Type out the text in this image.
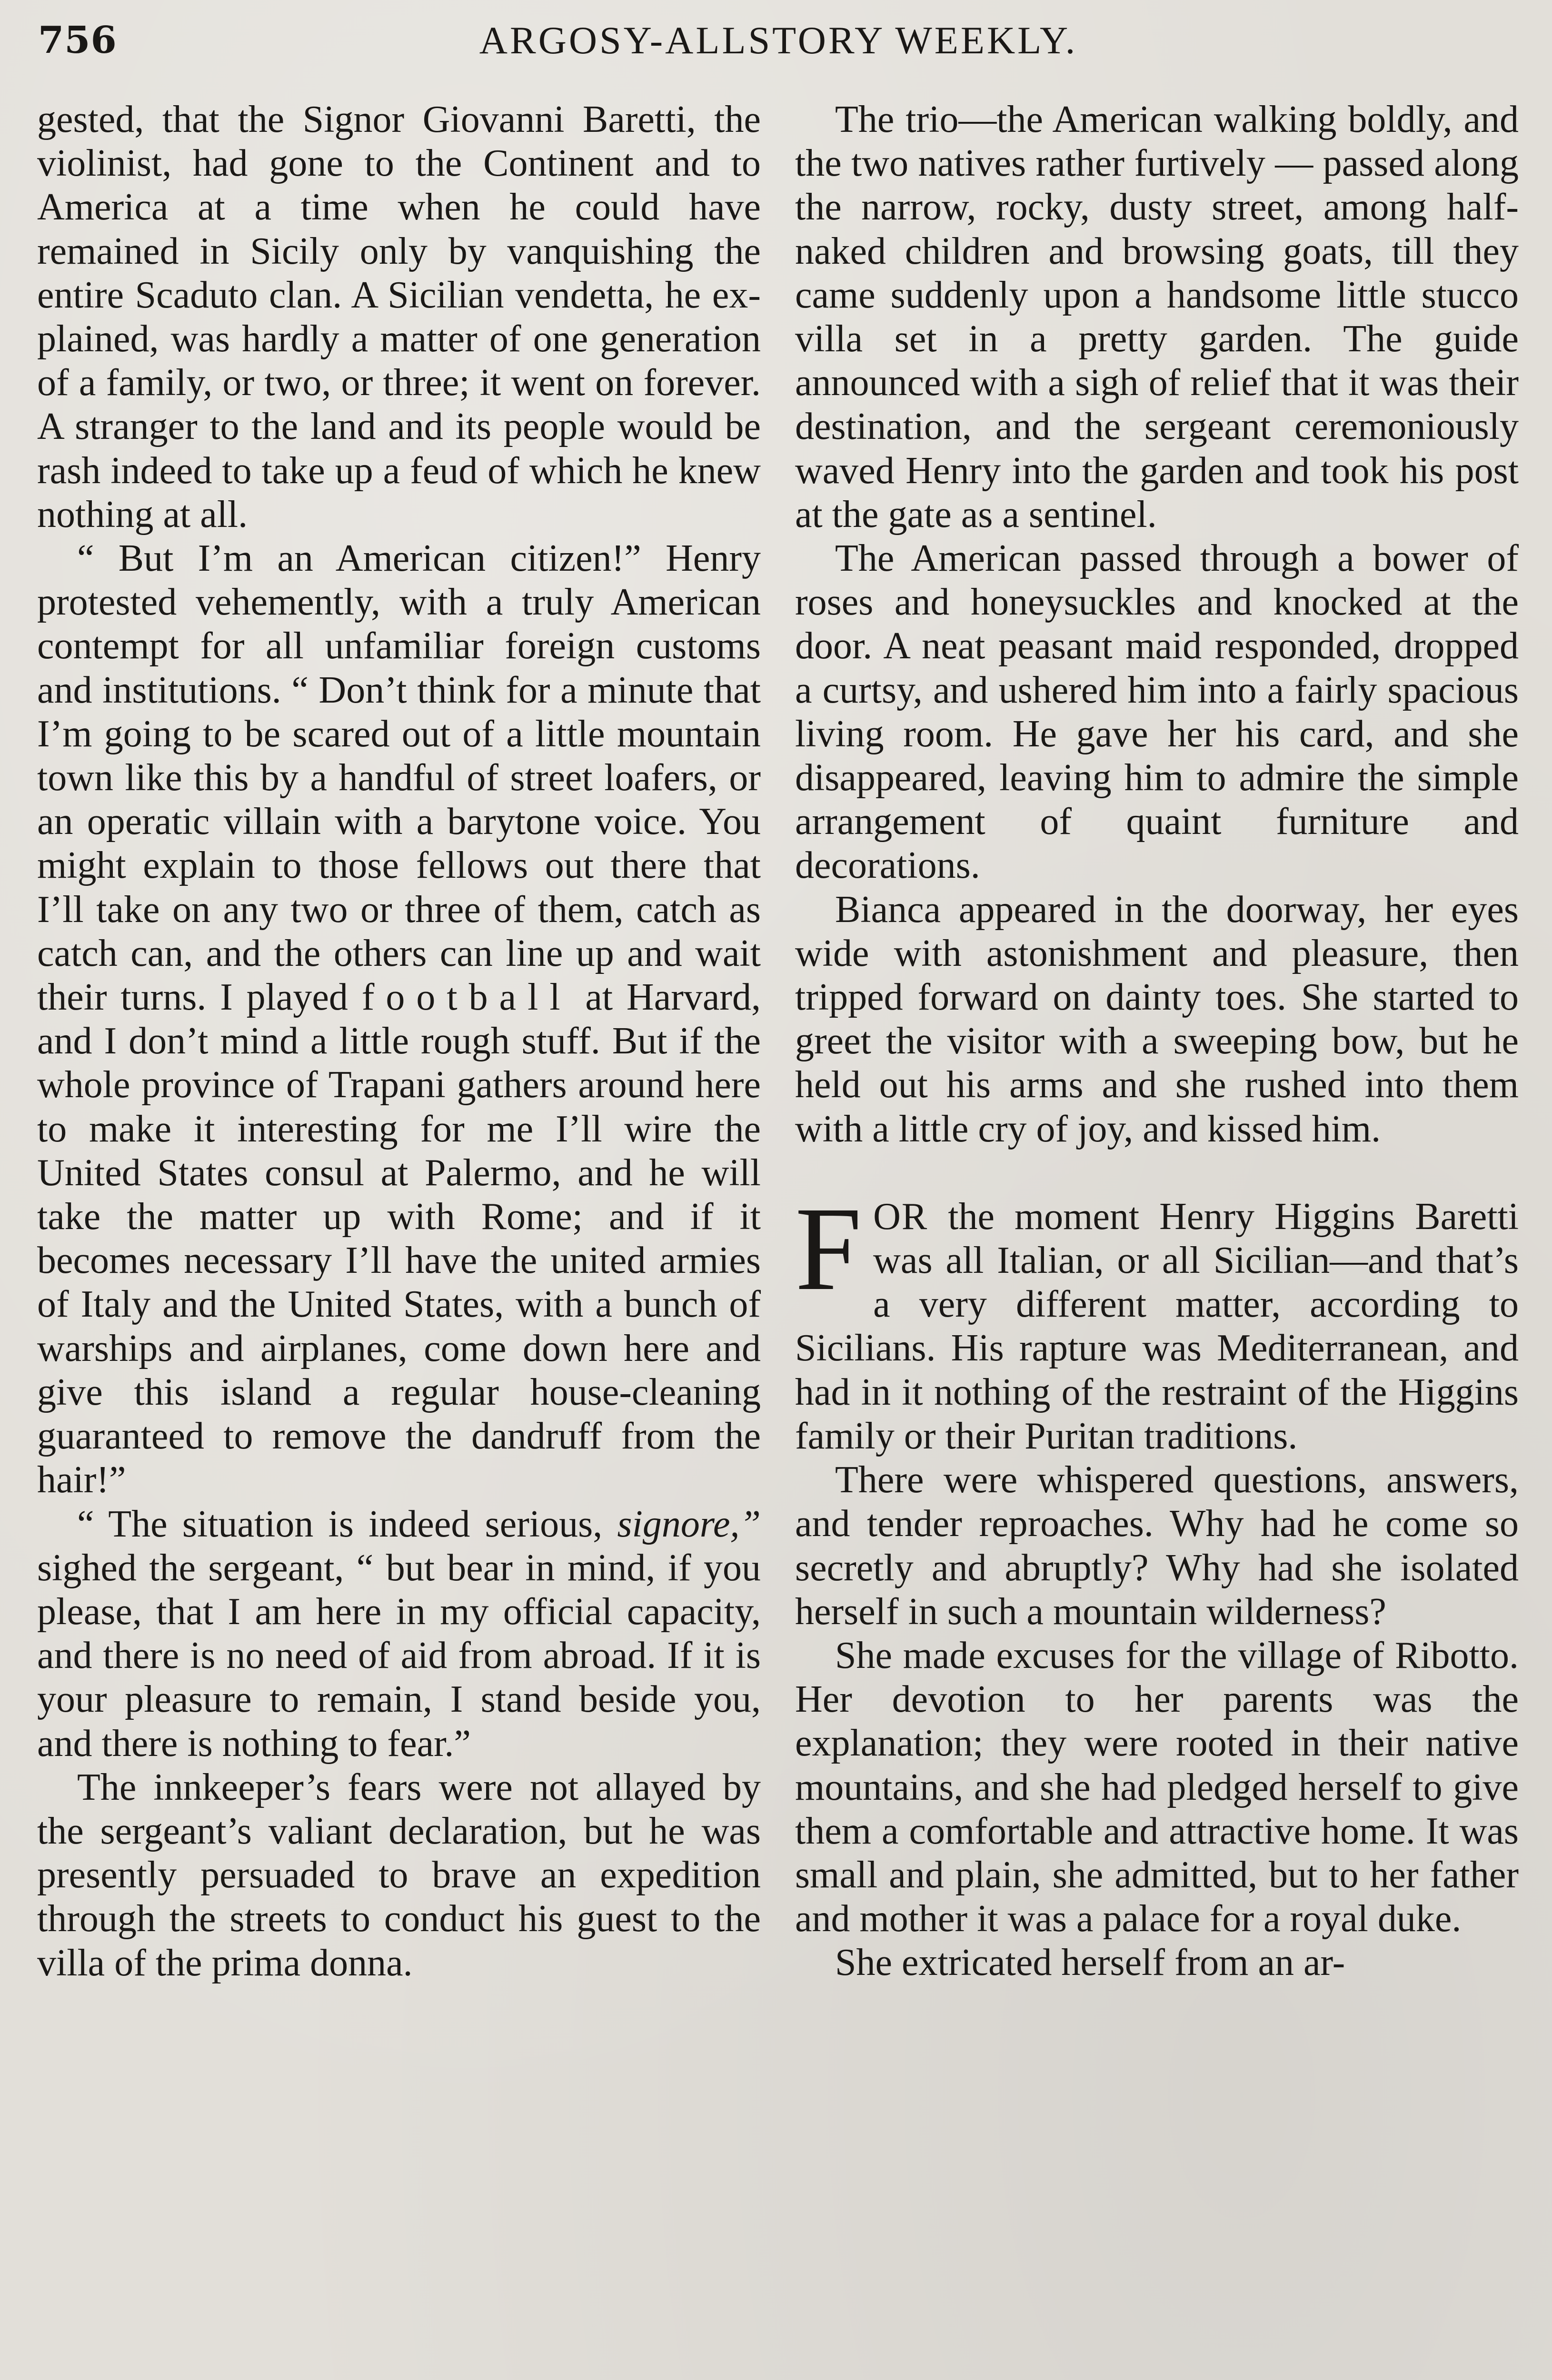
756	ARGOSY-ALLSTORY WEEKLY.

gested, that the Signor Giovanni Baretti, the violinist, had gone to the Continent and to America at a time when he could have remained in Sicily only by vanquishing the entire Scaduto clan. A Sicilian vendetta, he explained, was hardly a matter of one generation of a family, or two, or three; it went on forever. A stranger to the land and its people would be rash indeed to take up a feud of which he knew nothing at all.

“ But I’m an American citizen!” Henry protested vehemently, with a truly American contempt for all unfamiliar foreign customs and institutions. “ Don’t think for a minute that I’m going to be scared out of a little mountain town like this by a handful of street loafers, or an operatic villain with a barytone voice. You might explain to those fellows out there that I’ll take on any two or three of them, catch as catch can, and the others can line up and wait their turns. I played football at Harvard, and I don’t mind a little rough stuff. But if the whole province of Trapani gathers around here to make it interesting for me I’ll wire the United States consul at Palermo, and he will take the matter up with Rome; and if it becomes necessary I’ll have the united armies of Italy and the United States, with a bunch of warships and airplanes, come down here and give this island a regular house-cleaning guaranteed to remove the dandruff from the hair!”

“ The situation is indeed serious, signore,” sighed the sergeant, “ but bear in mind, if you please, that I am here in my official capacity, and there is no need of aid from abroad. If it is your pleasure to remain, I stand beside you, and there is nothing to fear.”

The innkeeper’s fears were not allayed by the sergeant’s valiant declaration, but he was presently persuaded to brave an expedition through the streets to conduct his guest to the villa of the prima donna.

The trio—the American walking boldly, and the two natives rather furtively — passed along the narrow, rocky, dusty street, among half-naked children and browsing goats, till they came suddenly upon a handsome little stucco villa set in a pretty garden. The guide announced with a sigh of relief that it was their destination, and the sergeant ceremoniously waved Henry into the garden and took his post at the gate as a sentinel.

The American passed through a bower of roses and honeysuckles and knocked at the door. A neat peasant maid responded, dropped a curtsy, and ushered him into a fairly spacious living room. He gave her his card, and she disappeared, leaving him to admire the simple arrangement of quaint furniture and decorations.

Bianca appeared in the doorway, her eyes wide with astonishment and pleasure, then tripped forward on dainty toes. She started to greet the visitor with a sweeping bow, but he held out his arms and she rushed into them with a little cry of joy, and kissed him.

FOR the moment Henry Higgins Baretti was all Italian, or all Sicilian—and that’s a very different matter, according to Sicilians. His rapture was Mediterranean, and had in it nothing of the restraint of the Higgins family or their Puritan traditions.

There were whispered questions, answers, and tender reproaches. Why had he come so secretly and abruptly? Why had she isolated herself in such a mountain wilderness?

She made excuses for the village of Ribotto. Her devotion to her parents was the explanation; they were rooted in their native mountains, and she had pledged herself to give them a comfortable and attractive home. It was small and plain, she admitted, but to her father and mother it was a palace for a royal duke.

She extricated herself from an ar-
